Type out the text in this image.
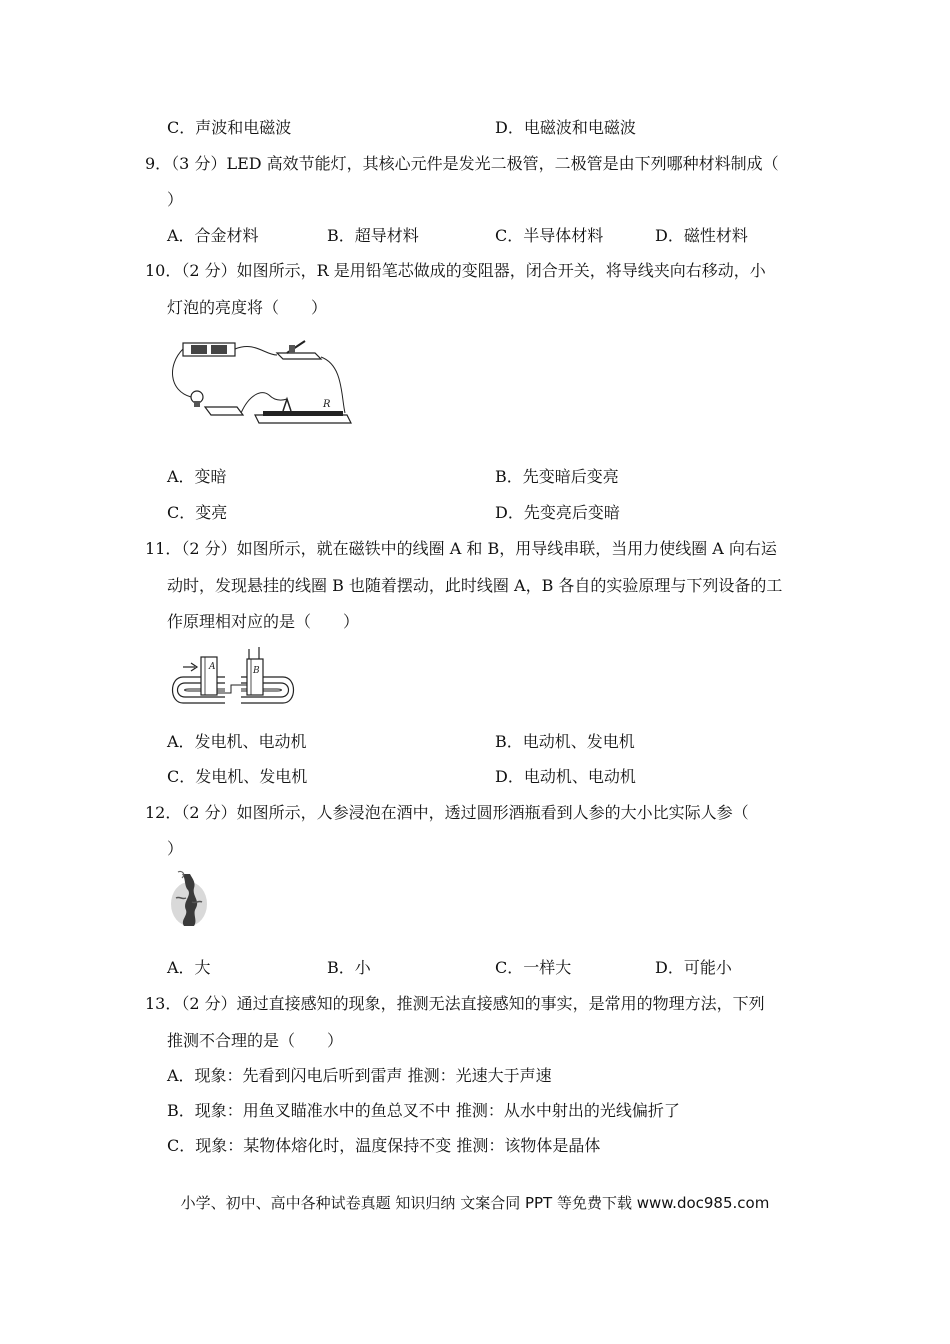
C．声波和电磁波	D．电磁波和电磁波
9．（3 分）LED 高效节能灯，其核心元件是发光二极管，二极管是由下列哪种材料制成（
）
A．合金材料	B．超导材料	C．半导体材料	D．磁性材料
10．（2 分）如图所示，R 是用铅笔芯做成的变阻器，闭合开关，将导线夹向右移动，小
灯泡的亮度将（　　）
R
A．变暗	B．先变暗后变亮
C．变亮	D．先变亮后变暗
11．（2 分）如图所示，就在磁铁中的线圈 A 和 B，用导线串联，当用力使线圈 A 向右运
动时，发现悬挂的线圈 B 也随着摆动，此时线圈 A，B 各自的实验原理与下列设备的工
作原理相对应的是（　　）
A	B
A．发电机、电动机	B．电动机、发电机
C．发电机、发电机	D．电动机、电动机
12．（2 分）如图所示，人参浸泡在酒中，透过圆形酒瓶看到人参的大小比实际人参（
）
A．大	B．小	C．一样大	D．可能小
13．（2 分）通过直接感知的现象，推测无法直接感知的事实，是常用的物理方法，下列
推测不合理的是（　　）
A．现象：先看到闪电后听到雷声 推测：光速大于声速
B．现象：用鱼叉瞄准水中的鱼总叉不中 推测：从水中射出的光线偏折了
C．现象：某物体熔化时，温度保持不变 推测：该物体是晶体
小学、初中、高中各种试卷真题 知识归纳 文案合同 PPT 等免费下载 www.doc985.com
